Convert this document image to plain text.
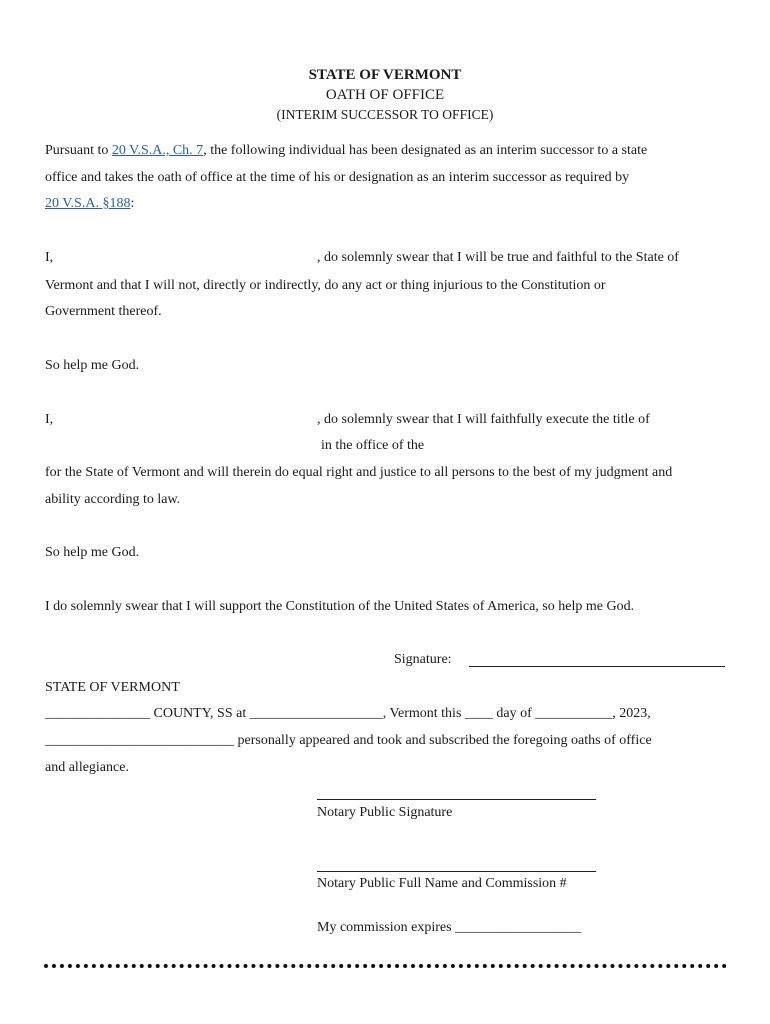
STATE OF VERMONT
OATH OF OFFICE
(INTERIM SUCCESSOR TO OFFICE)
Pursuant to 20 V.S.A., Ch. 7, the following individual has been designated as an interim successor to a state
office and takes the oath of office at the time of his or designation as an interim successor as required by
20 V.S.A. §188:
I,	, do solemnly swear that I will be true and faithful to the State of
Vermont and that I will not, directly or indirectly, do any act or thing injurious to the Constitution or
Government thereof.
So help me God.
I,	, do solemnly swear that I will faithfully execute the title of
in the office of the
for the State of Vermont and will therein do equal right and justice to all persons to the best of my judgment and
ability according to law.
So help me God.
I do solemnly swear that I will support the Constitution of the United States of America, so help me God.
Signature:
STATE OF VERMONT
_______________ COUNTY, SS at ___________________, Vermont this ____ day of ___________, 2023,
___________________________ personally appeared and took and subscribed the foregoing oaths of office
and allegiance.
Notary Public Signature
Notary Public Full Name and Commission #
My commission expires __________________
